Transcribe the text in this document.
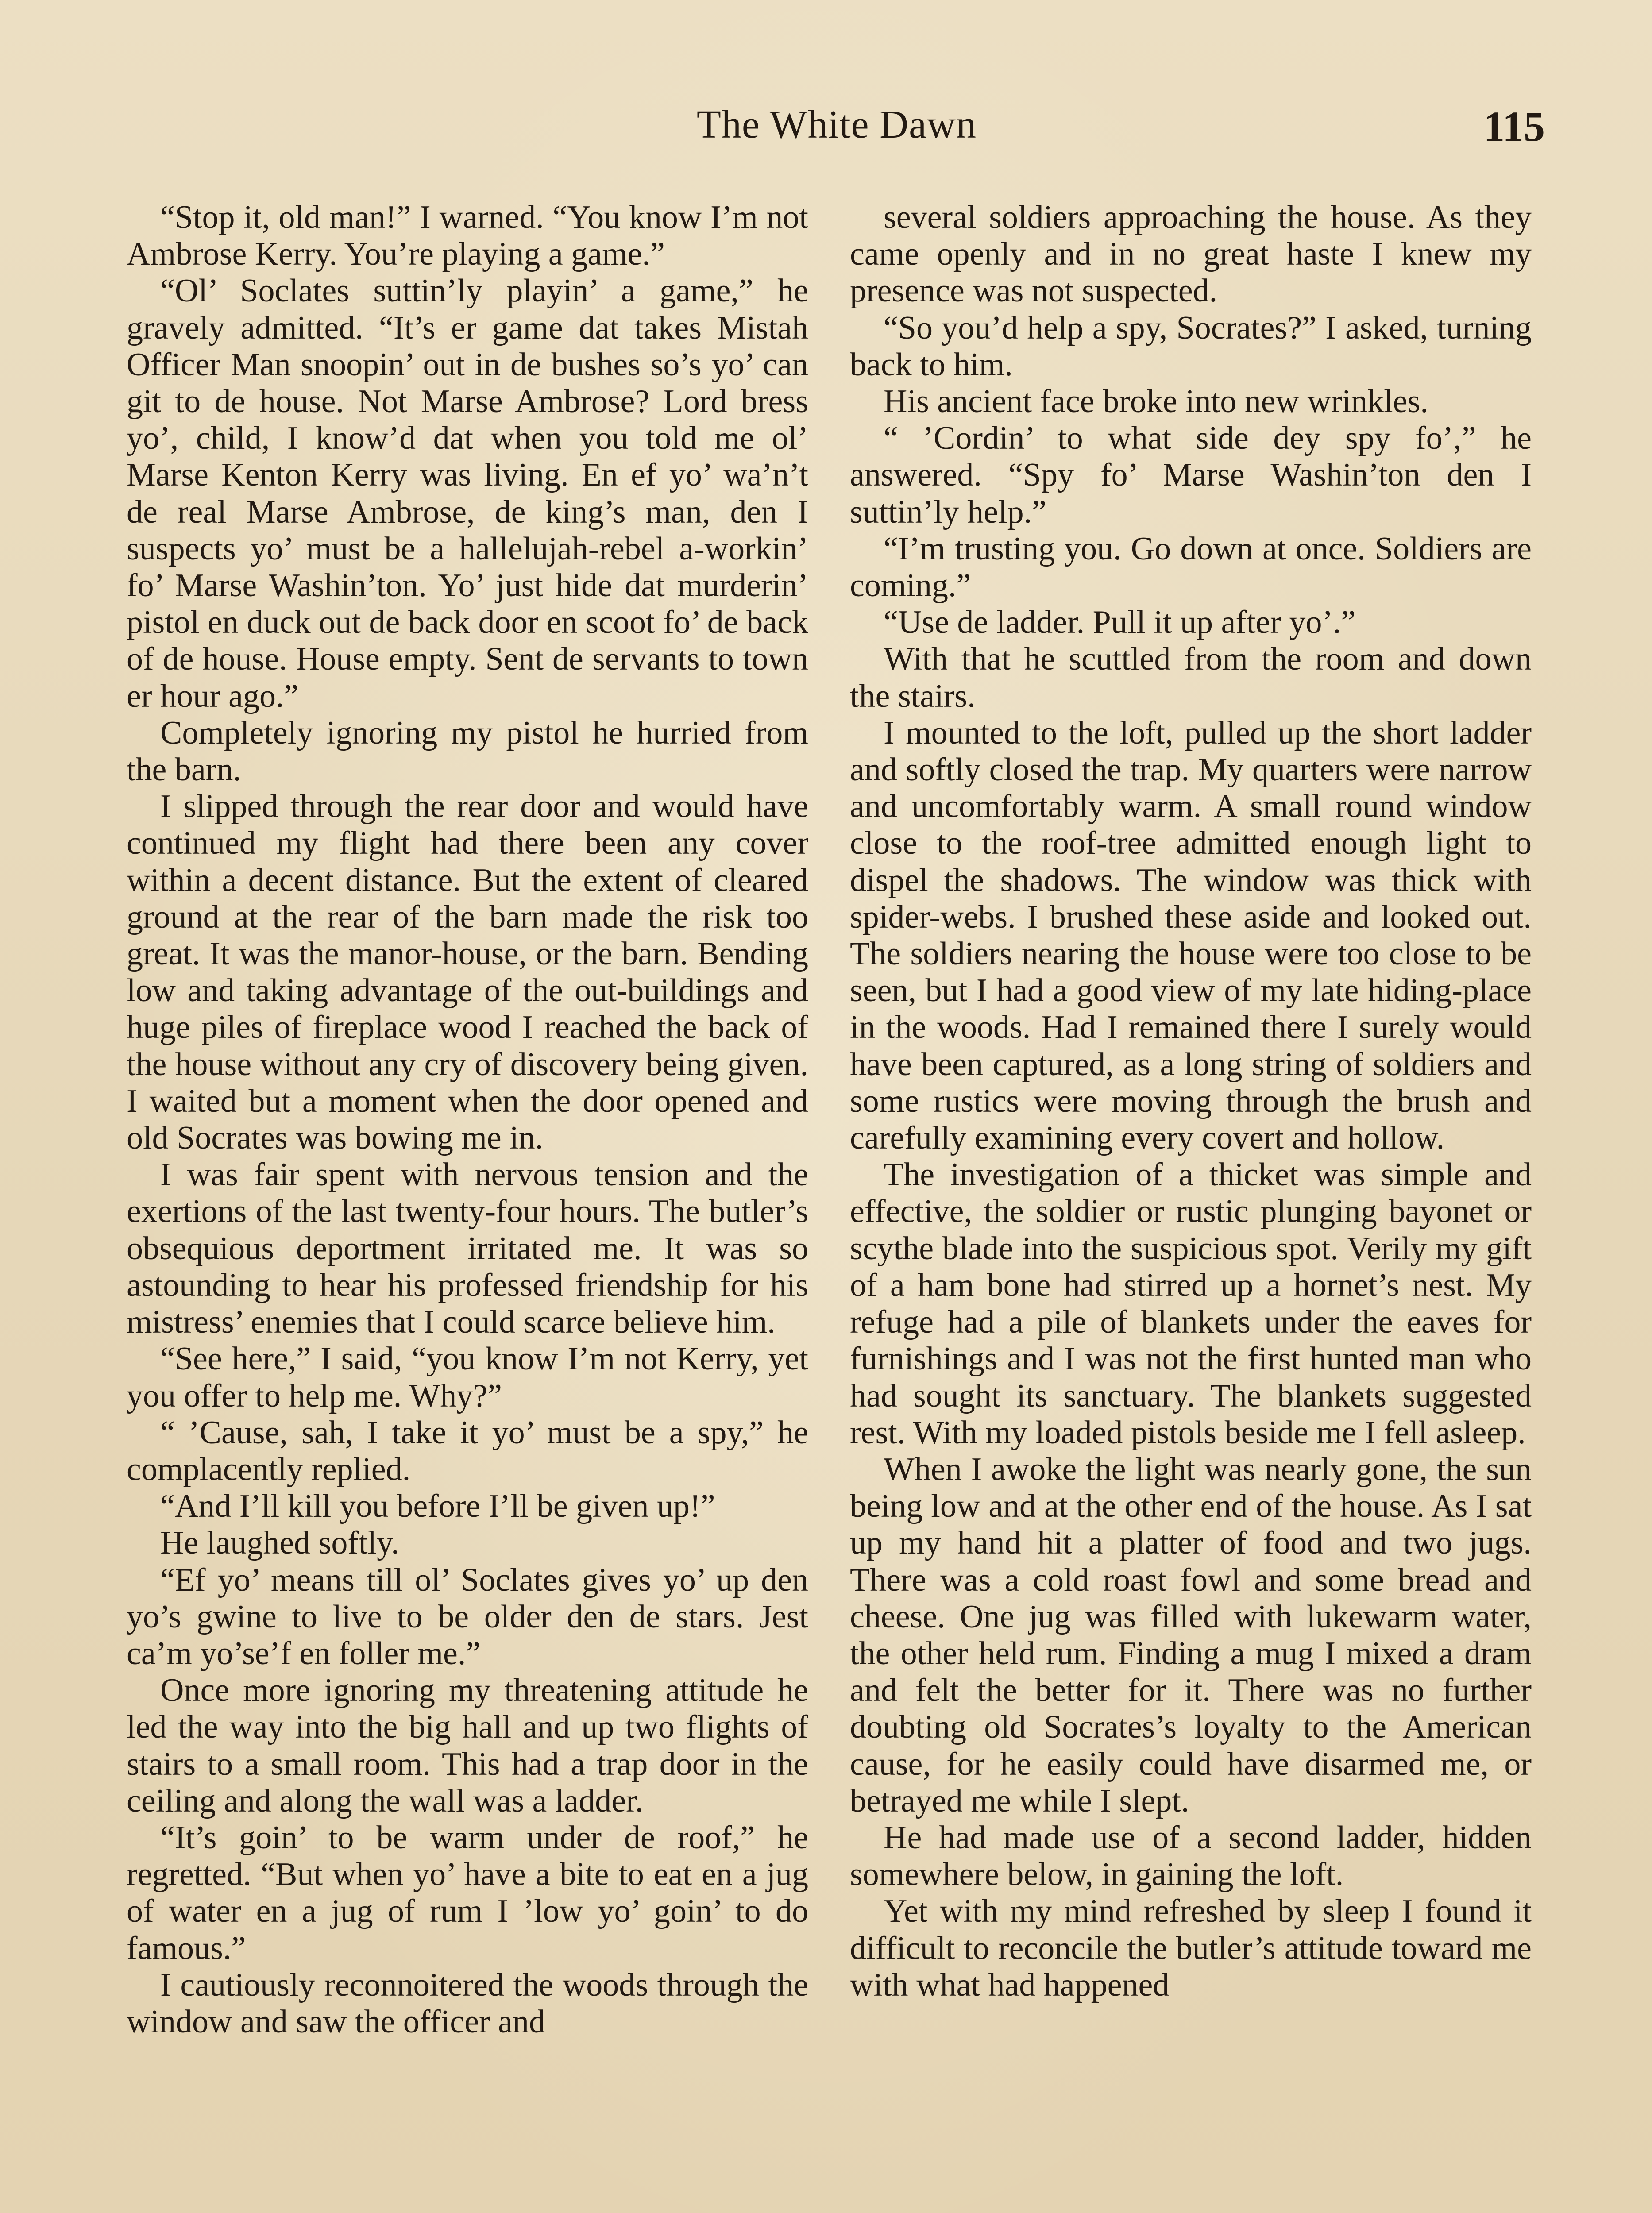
The White Dawn	115

“Stop it, old man!” I warned. “You know I’m not Ambrose Kerry. You’re playing a game.”

“Ol’ Soclates suttin’ly playin’ a game,” he gravely admitted. “It’s er game dat takes Mistah Officer Man snoopin’ out in de bushes so’s yo’ can git to de house. Not Marse Ambrose? Lord bress yo’, child, I know’d dat when you told me ol’ Marse Kenton Kerry was living. En ef yo’ wa’n’t de real Marse Ambrose, de king’s man, den I suspects yo’ must be a hallelujah-rebel a-workin’ fo’ Marse Washin’ton. Yo’ just hide dat murderin’ pistol en duck out de back door en scoot fo’ de back of de house. House empty. Sent de servants to town er hour ago.”

Completely ignoring my pistol he hurried from the barn.

I slipped through the rear door and would have continued my flight had there been any cover within a decent distance. But the extent of cleared ground at the rear of the barn made the risk too great. It was the manor-house, or the barn. Bending low and taking advantage of the out-buildings and huge piles of fireplace wood I reached the back of the house without any cry of discovery being given. I waited but a moment when the door opened and old Socrates was bowing me in.

I was fair spent with nervous tension and the exertions of the last twenty-four hours. The butler’s obsequious deportment irritated me. It was so astounding to hear his professed friendship for his mistress’ enemies that I could scarce believe him.

“See here,” I said, “you know I’m not Kerry, yet you offer to help me. Why?”

“ ’Cause, sah, I take it yo’ must be a spy,” he complacently replied.

“And I’ll kill you before I’ll be given up!”

He laughed softly.

“Ef yo’ means till ol’ Soclates gives yo’ up den yo’s gwine to live to be older den de stars. Jest ca’m yo’se’f en foller me.”

Once more ignoring my threatening attitude he led the way into the big hall and up two flights of stairs to a small room. This had a trap door in the ceiling and along the wall was a ladder.

“It’s goin’ to be warm under de roof,” he regretted. “But when yo’ have a bite to eat en a jug of water en a jug of rum I ’low yo’ goin’ to do famous.”

I cautiously reconnoitered the woods through the window and saw the officer and

several soldiers approaching the house. As they came openly and in no great haste I knew my presence was not suspected.

“So you’d help a spy, Socrates?” I asked, turning back to him.

His ancient face broke into new wrinkles.

“ ’Cordin’ to what side dey spy fo’,” he answered. “Spy fo’ Marse Washin’ton den I suttin’ly help.”

“I’m trusting you. Go down at once. Soldiers are coming.”

“Use de ladder. Pull it up after yo’.”

With that he scuttled from the room and down the stairs.

I mounted to the loft, pulled up the short ladder and softly closed the trap. My quarters were narrow and uncomfortably warm. A small round window close to the roof-tree admitted enough light to dispel the shadows. The window was thick with spider-webs. I brushed these aside and looked out. The soldiers nearing the house were too close to be seen, but I had a good view of my late hiding-place in the woods. Had I remained there I surely would have been captured, as a long string of soldiers and some rustics were moving through the brush and carefully examining every covert and hollow.

The investigation of a thicket was simple and effective, the soldier or rustic plunging bayonet or scythe blade into the suspicious spot. Verily my gift of a ham bone had stirred up a hornet’s nest. My refuge had a pile of blankets under the eaves for furnishings and I was not the first hunted man who had sought its sanctuary. The blankets suggested rest. With my loaded pistols beside me I fell asleep.

When I awoke the light was nearly gone, the sun being low and at the other end of the house. As I sat up my hand hit a platter of food and two jugs. There was a cold roast fowl and some bread and cheese. One jug was filled with lukewarm water, the other held rum. Finding a mug I mixed a dram and felt the better for it. There was no further doubting old Socrates’s loyalty to the American cause, for he easily could have disarmed me, or betrayed me while I slept.

He had made use of a second ladder, hidden somewhere below, in gaining the loft.

Yet with my mind refreshed by sleep I found it difficult to reconcile the butler’s attitude toward me with what had happened
